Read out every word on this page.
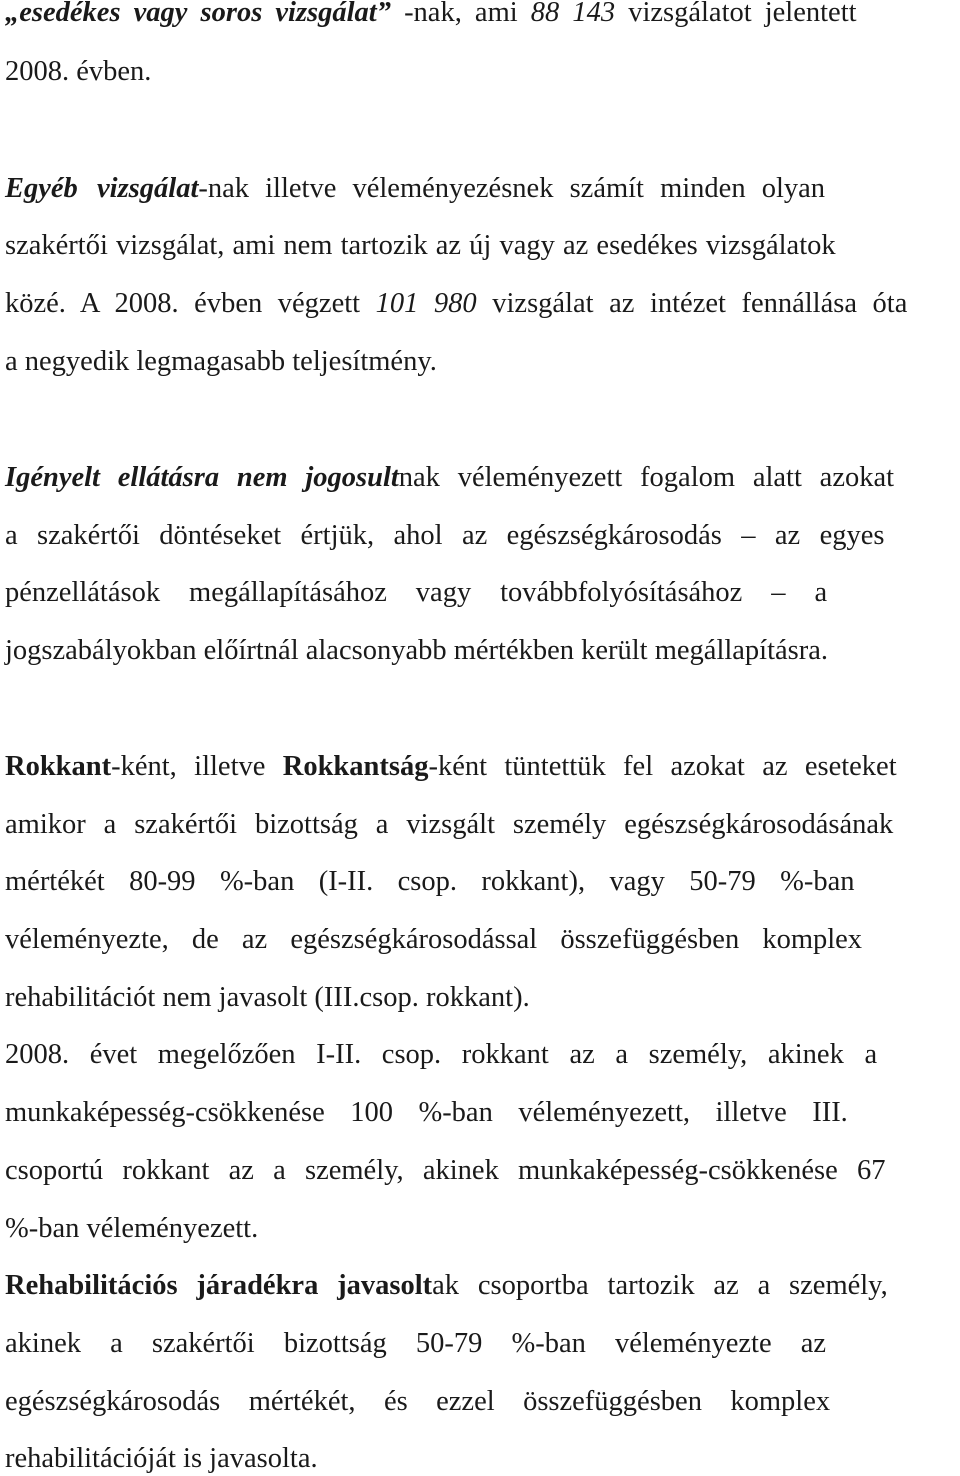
„esedékes vagy soros vizsgálat” -nak, ami 88 143 vizsgálatot jelentett
2008. évben.
Egyéb vizsgálat-nak illetve véleményezésnek számít minden olyan
szakértői vizsgálat, ami nem tartozik az új vagy az esedékes vizsgálatok
közé. A 2008. évben végzett 101 980 vizsgálat az intézet fennállása óta
a negyedik legmagasabb teljesítmény.
Igényelt ellátásra nem jogosultnak véleményezett fogalom alatt azokat
a szakértői döntéseket értjük, ahol az egészségkárosodás – az egyes
pénzellátások megállapításához vagy továbbfolyósításához – a
jogszabályokban előírtnál alacsonyabb mértékben került megállapításra.
Rokkant-ként, illetve Rokkantság-ként tüntettük fel azokat az eseteket
amikor a szakértői bizottság a vizsgált személy egészségkárosodásának
mértékét 80-99 %-ban (I-II. csop. rokkant), vagy 50-79 %-ban
véleményezte, de az egészségkárosodással összefüggésben komplex
rehabilitációt nem javasolt (III.csop. rokkant).
2008. évet megelőzően I-II. csop. rokkant az a személy, akinek a
munkaképesség-csökkenése 100 %-ban véleményezett, illetve III.
csoportú rokkant az a személy, akinek munkaképesség-csökkenése 67
%-ban véleményezett.
Rehabilitációs járadékra javasoltak csoportba tartozik az a személy,
akinek a szakértői bizottság 50-79 %-ban véleményezte az
egészségkárosodás mértékét, és ezzel összefüggésben komplex
rehabilitációját is javasolta.
